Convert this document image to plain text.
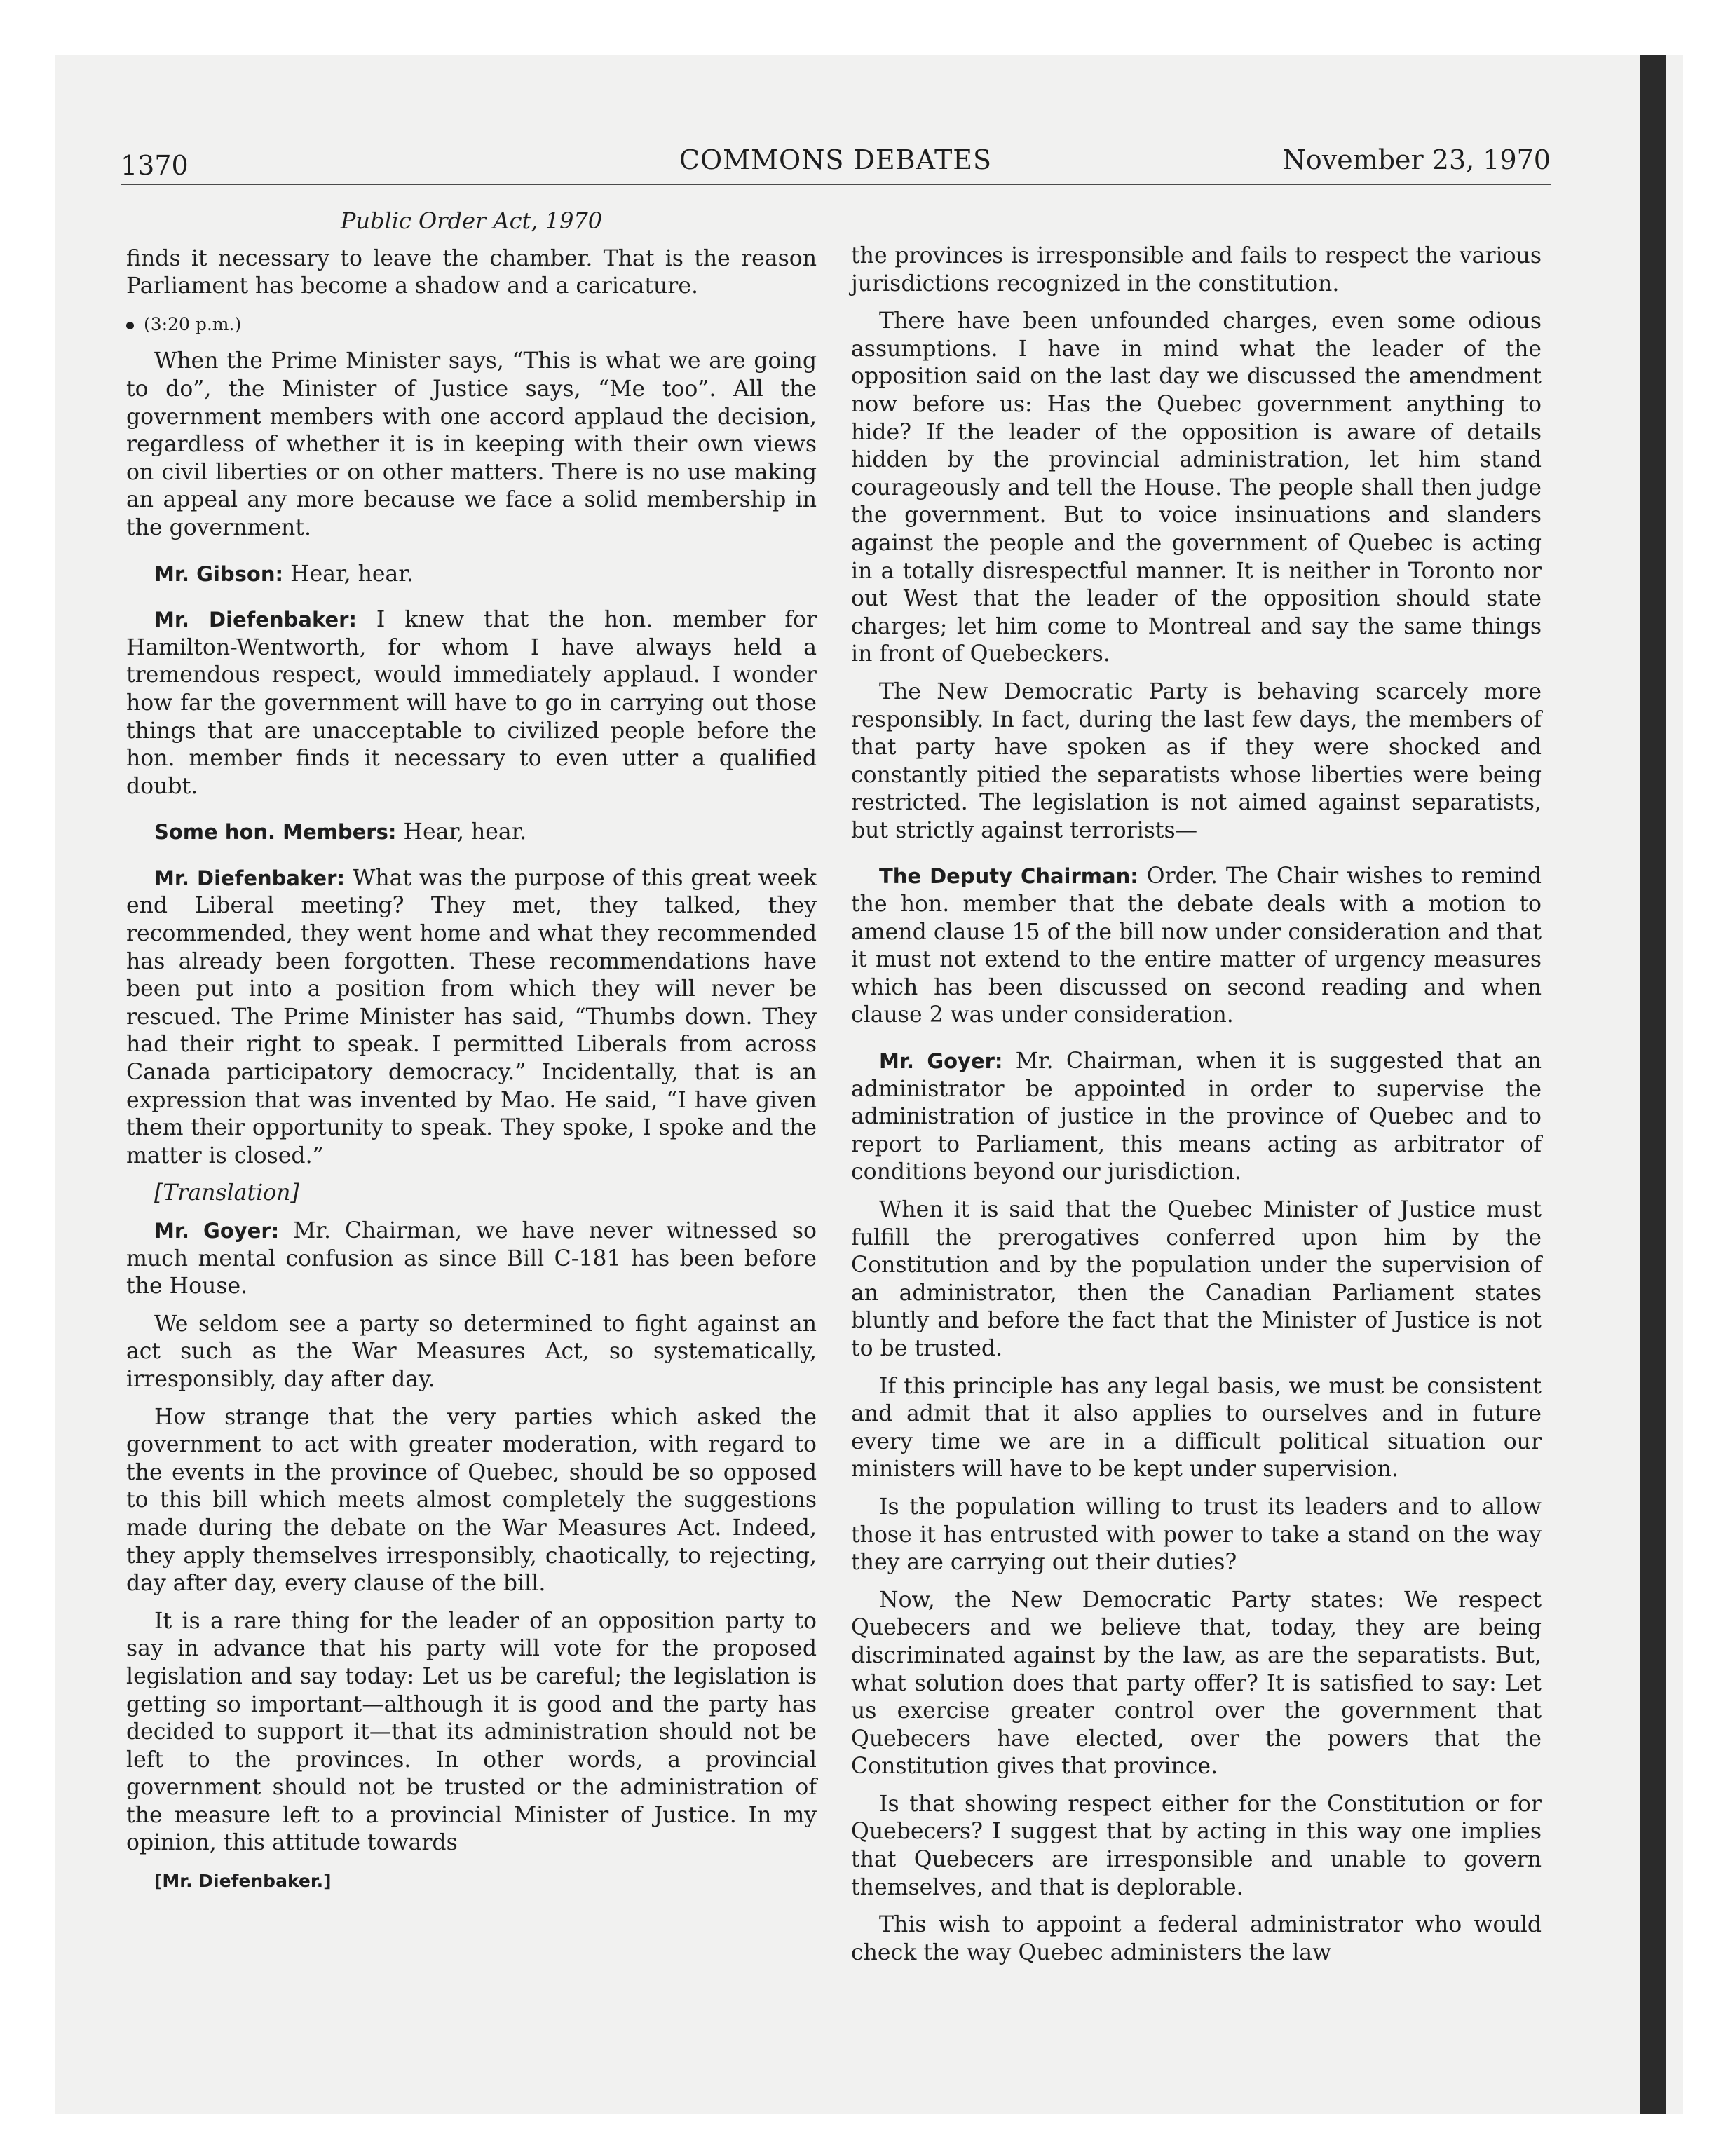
1370	COMMONS DEBATES	November 23, 1970

Public Order Act, 1970

finds it necessary to leave the chamber. That is the reason Parliament has become a shadow and a caricature.

(3:20 p.m.)

When the Prime Minister says, “This is what we are going to do”, the Minister of Justice says, “Me too”. All the government members with one accord applaud the decision, regardless of whether it is in keeping with their own views on civil liberties or on other matters. There is no use making an appeal any more because we face a solid membership in the government.

Mr. Gibson: Hear, hear.

Mr. Diefenbaker: I knew that the hon. member for Hamilton-Wentworth, for whom I have always held a tremendous respect, would immediately applaud. I wonder how far the government will have to go in carrying out those things that are unacceptable to civilized people before the hon. member finds it necessary to even utter a qualified doubt.

Some hon. Members: Hear, hear.

Mr. Diefenbaker: What was the purpose of this great week end Liberal meeting? They met, they talked, they recommended, they went home and what they recommended has already been forgotten. These recommendations have been put into a position from which they will never be rescued. The Prime Minister has said, “Thumbs down. They had their right to speak. I permitted Liberals from across Canada participatory democracy.” Incidentally, that is an expression that was invented by Mao. He said, “I have given them their opportunity to speak. They spoke, I spoke and the matter is closed.”

[Translation]

Mr. Goyer: Mr. Chairman, we have never witnessed so much mental confusion as since Bill C-181 has been before the House.

We seldom see a party so determined to fight against an act such as the War Measures Act, so systematically, irresponsibly, day after day.

How strange that the very parties which asked the government to act with greater moderation, with regard to the events in the province of Quebec, should be so opposed to this bill which meets almost completely the suggestions made during the debate on the War Measures Act. Indeed, they apply themselves irresponsibly, chaotically, to rejecting, day after day, every clause of the bill.

It is a rare thing for the leader of an opposition party to say in advance that his party will vote for the proposed legislation and say today: Let us be careful; the legislation is getting so important—although it is good and the party has decided to support it—that its administration should not be left to the provinces. In other words, a provincial government should not be trusted or the administration of the measure left to a provincial Minister of Justice. In my opinion, this attitude towards

[Mr. Diefenbaker.]

the provinces is irresponsible and fails to respect the various jurisdictions recognized in the constitution.

There have been unfounded charges, even some odious assumptions. I have in mind what the leader of the opposition said on the last day we discussed the amendment now before us: Has the Quebec government anything to hide? If the leader of the opposition is aware of details hidden by the provincial administration, let him stand courageously and tell the House. The people shall then judge the government. But to voice insinuations and slanders against the people and the government of Quebec is acting in a totally disrespectful manner. It is neither in Toronto nor out West that the leader of the opposition should state charges; let him come to Montreal and say the same things in front of Quebeckers.

The New Democratic Party is behaving scarcely more responsibly. In fact, during the last few days, the members of that party have spoken as if they were shocked and constantly pitied the separatists whose liberties were being restricted. The legislation is not aimed against separatists, but strictly against terrorists—

The Deputy Chairman: Order. The Chair wishes to remind the hon. member that the debate deals with a motion to amend clause 15 of the bill now under consideration and that it must not extend to the entire matter of urgency measures which has been discussed on second reading and when clause 2 was under consideration.

Mr. Goyer: Mr. Chairman, when it is suggested that an administrator be appointed in order to supervise the administration of justice in the province of Quebec and to report to Parliament, this means acting as arbitrator of conditions beyond our jurisdiction.

When it is said that the Quebec Minister of Justice must fulfill the prerogatives conferred upon him by the Constitution and by the population under the supervision of an administrator, then the Canadian Parliament states bluntly and before the fact that the Minister of Justice is not to be trusted.

If this principle has any legal basis, we must be consistent and admit that it also applies to ourselves and in future every time we are in a difficult political situation our ministers will have to be kept under supervision.

Is the population willing to trust its leaders and to allow those it has entrusted with power to take a stand on the way they are carrying out their duties?

Now, the New Democratic Party states: We respect Quebecers and we believe that, today, they are being discriminated against by the law, as are the separatists. But, what solution does that party offer? It is satisfied to say: Let us exercise greater control over the government that Quebecers have elected, over the powers that the Constitution gives that province.

Is that showing respect either for the Constitution or for Quebecers? I suggest that by acting in this way one implies that Quebecers are irresponsible and unable to govern themselves, and that is deplorable.

This wish to appoint a federal administrator who would check the way Quebec administers the law
